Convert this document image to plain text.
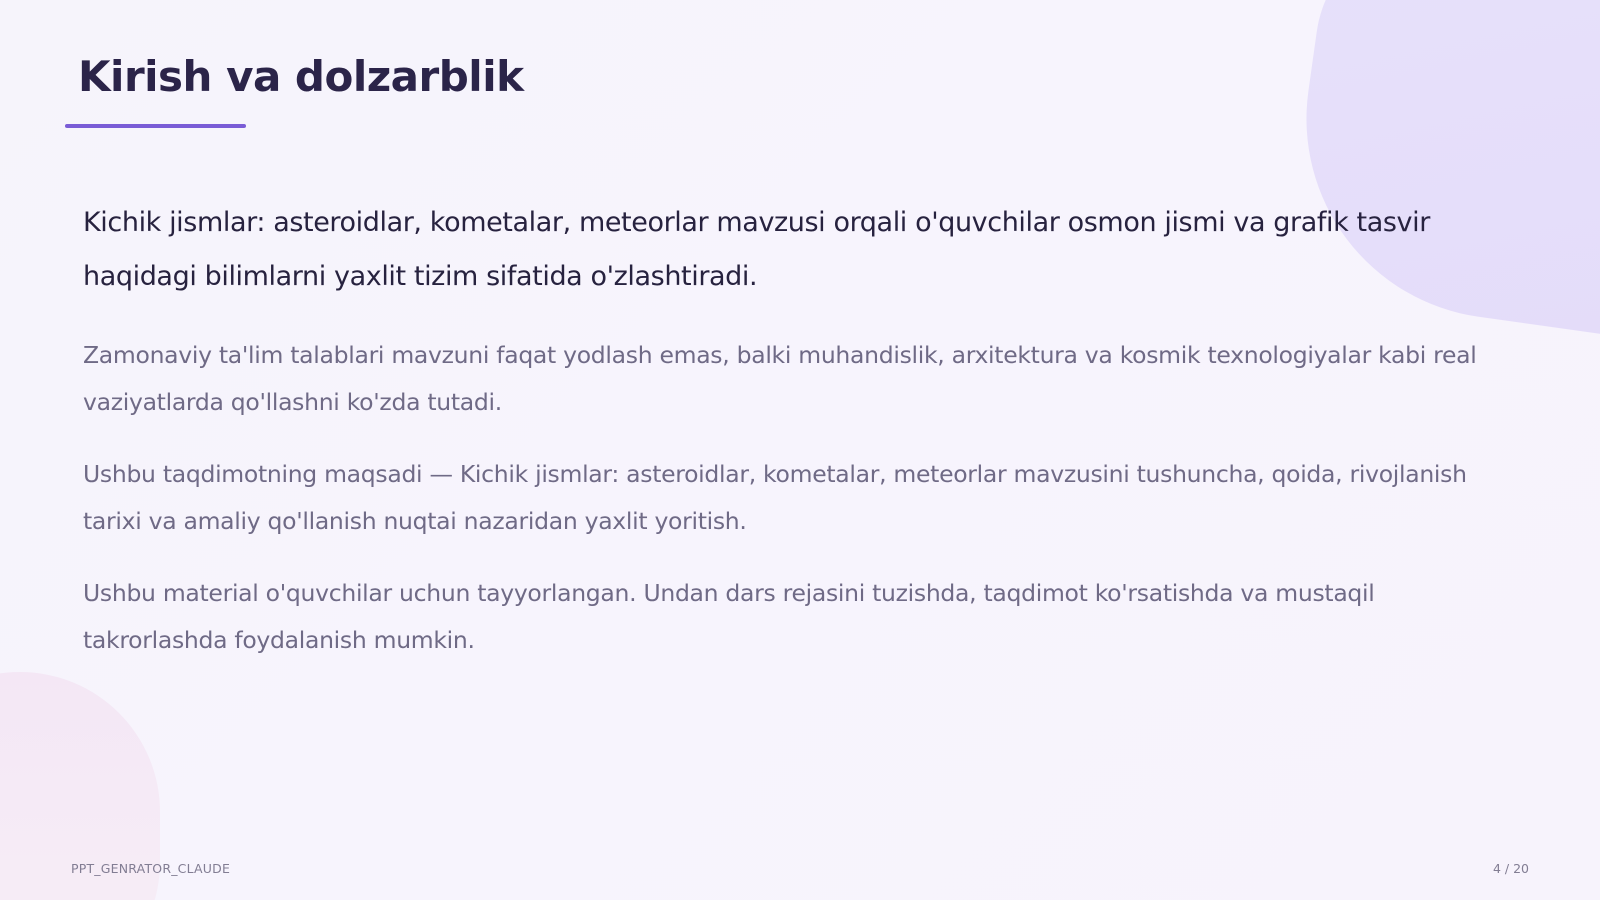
Kirish va dolzarblik

Kichik jismlar: asteroidlar, kometalar, meteorlar mavzusi orqali o'quvchilar osmon jismi va grafik tasvir haqidagi bilimlarni yaxlit tizim sifatida o'zlashtiradi.

Zamonaviy ta'lim talablari mavzuni faqat yodlash emas, balki muhandislik, arxitektura va kosmik texnologiyalar kabi real vaziyatlarda qo'llashni ko'zda tutadi.

Ushbu taqdimotning maqsadi — Kichik jismlar: asteroidlar, kometalar, meteorlar mavzusini tushuncha, qoida, rivojlanish tarixi va amaliy qo'llanish nuqtai nazaridan yaxlit yoritish.

Ushbu material o'quvchilar uchun tayyorlangan. Undan dars rejasini tuzishda, taqdimot ko'rsatishda va mustaqil takrorlashda foydalanish mumkin.

PPT_GENRATOR_CLAUDE	4 / 20
